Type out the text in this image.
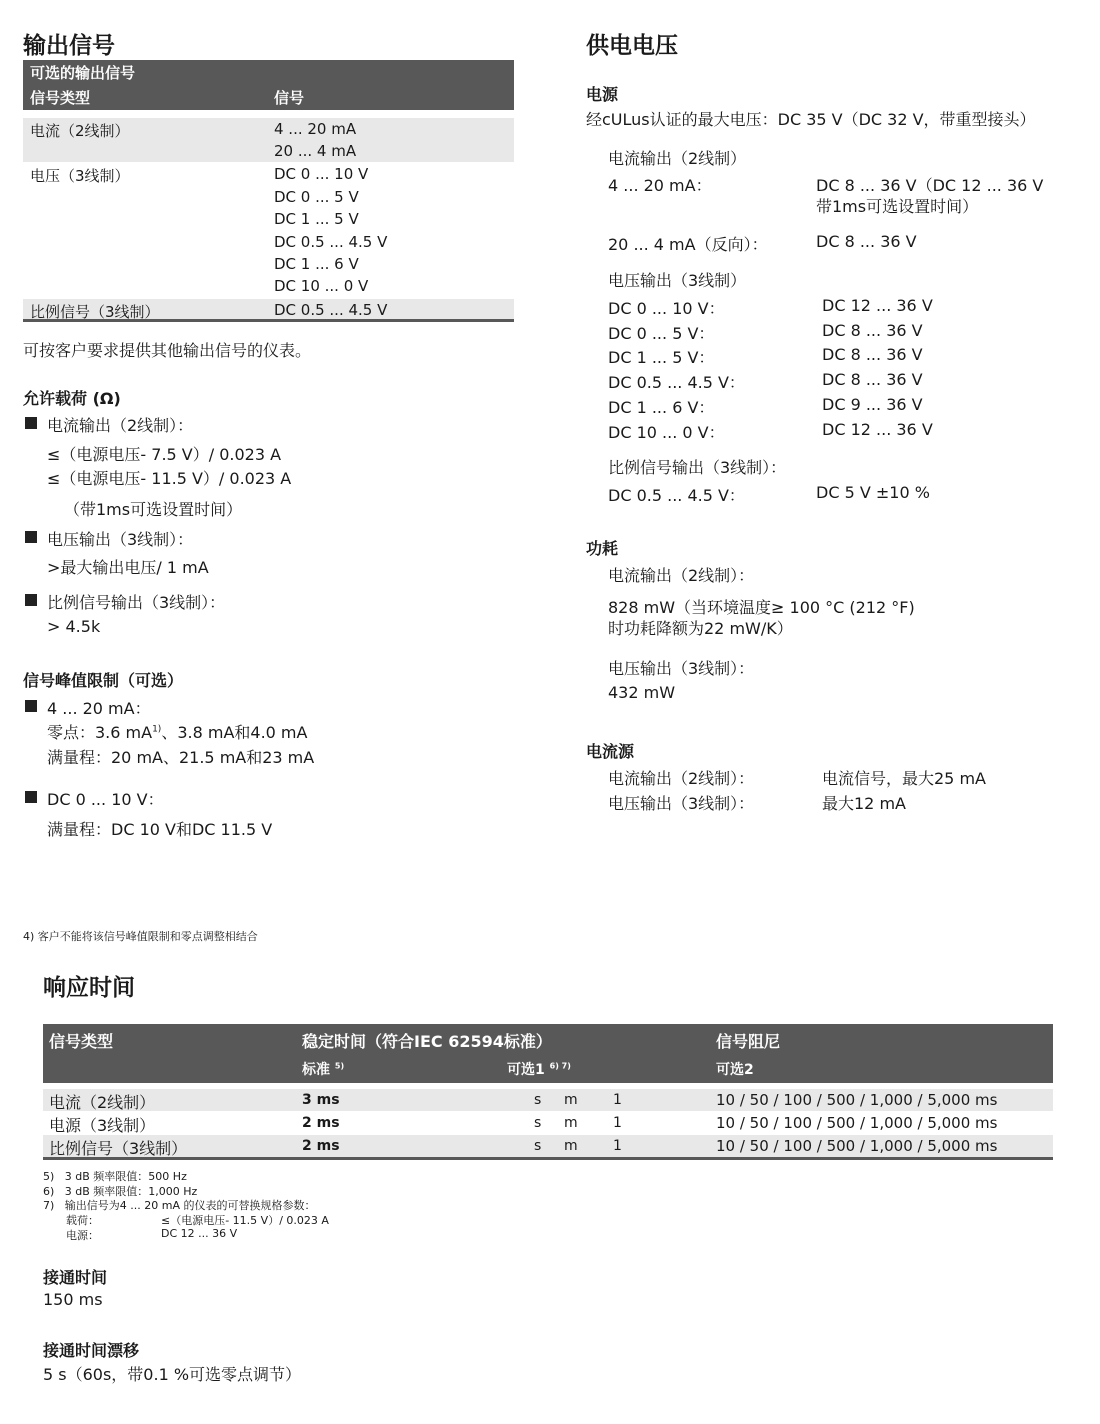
输出信号
可选的输出信号
信号类型	信号
电流（2线制）	4 ... 20 mA
20 ... 4 mA
电压（3线制）	DC 0 ... 10 V
DC 0 ... 5 V
DC 1 ... 5 V
DC 0.5 ... 4.5 V
DC 1 ... 6 V
DC 10 ... 0 V
比例信号（3线制）	DC 0.5 ... 4.5 V
可按客户要求提供其他输出信号的仪表。
允许载荷 (Ω)
电流输出（2线制）：
≤（电源电压- 7.5 V）/ 0.023 A
≤（电源电压- 11.5 V）/ 0.023 A
（带1ms可选设置时间）
电压输出（3线制）：
>最大输出电压/ 1 mA
比例信号输出（3线制）：
> 4.5k
信号峰值限制（可选）
4 ... 20 mA：
零点：3.6 $mA^{1)}$、3.8 mA和4.0 mA
满量程：20 mA、21.5 mA和23 mA
DC 0 ... 10 V：
满量程：DC 10 V和DC 11.5 V
供电电压
电源
经cULus认证的最大电压：DC 35 V（DC 32 V，带重型接头）
电流输出（2线制）
4 ... 20 mA：	DC 8 ... 36 V（DC 12 ... 36 V
带1ms可选设置时间）
20 ... 4 mA（反向）：	DC 8 ... 36 V
电压输出（3线制）
DC 0 ... 10 V：	DC 12 ... 36 V
DC 0 ... 5 V：	DC 8 ... 36 V
DC 1 ... 5 V：	DC 8 ... 36 V
DC 0.5 ... 4.5 V：	DC 8 ... 36 V
DC 1 ... 6 V：	DC 9 ... 36 V
DC 10 ... 0 V：	DC 12 ... 36 V
比例信号输出（3线制）：
DC 0.5 ... 4.5 V：	DC 5 V ±10 %
功耗
电流输出（2线制）：
828 mW（当环境温度≥ 100 °C (212 °F)
时功耗降额为22 mW/K）
电压输出（3线制）：
432 mW
电流源
电流输出（2线制）：	电流信号，最大25 mA
电压输出（3线制）：	最大12 mA
4) 客户不能将该信号峰值限制和零点调整相结合
响应时间
信号类型	稳定时间（符合IEC 62594标准）	信号阻尼
标准 $^{5)}$	可选1 $^{6) 7)}$	可选2
电流（2线制）	3 ms	s m	1	10 / 50 / 100 / 500 / 1,000 / 5,000 ms
电源（3线制）	2 ms	s m	1	10 / 50 / 100 / 500 / 1,000 / 5,000 ms
比例信号（3线制）	2 ms	s m	1	10 / 50 / 100 / 500 / 1,000 / 5,000 ms
5)   3 dB 频率限值：500 Hz
6)   3 dB 频率限值：1,000 Hz
7)   输出信号为4 ... 20 mA 的仪表的可替换规格参数：
载荷：	≤（电源电压- 11.5 V）/ 0.023 A
电源：	DC 12 ... 36 V
接通时间
150 ms
接通时间漂移
5 s（60s，带0.1 %可选零点调节）
